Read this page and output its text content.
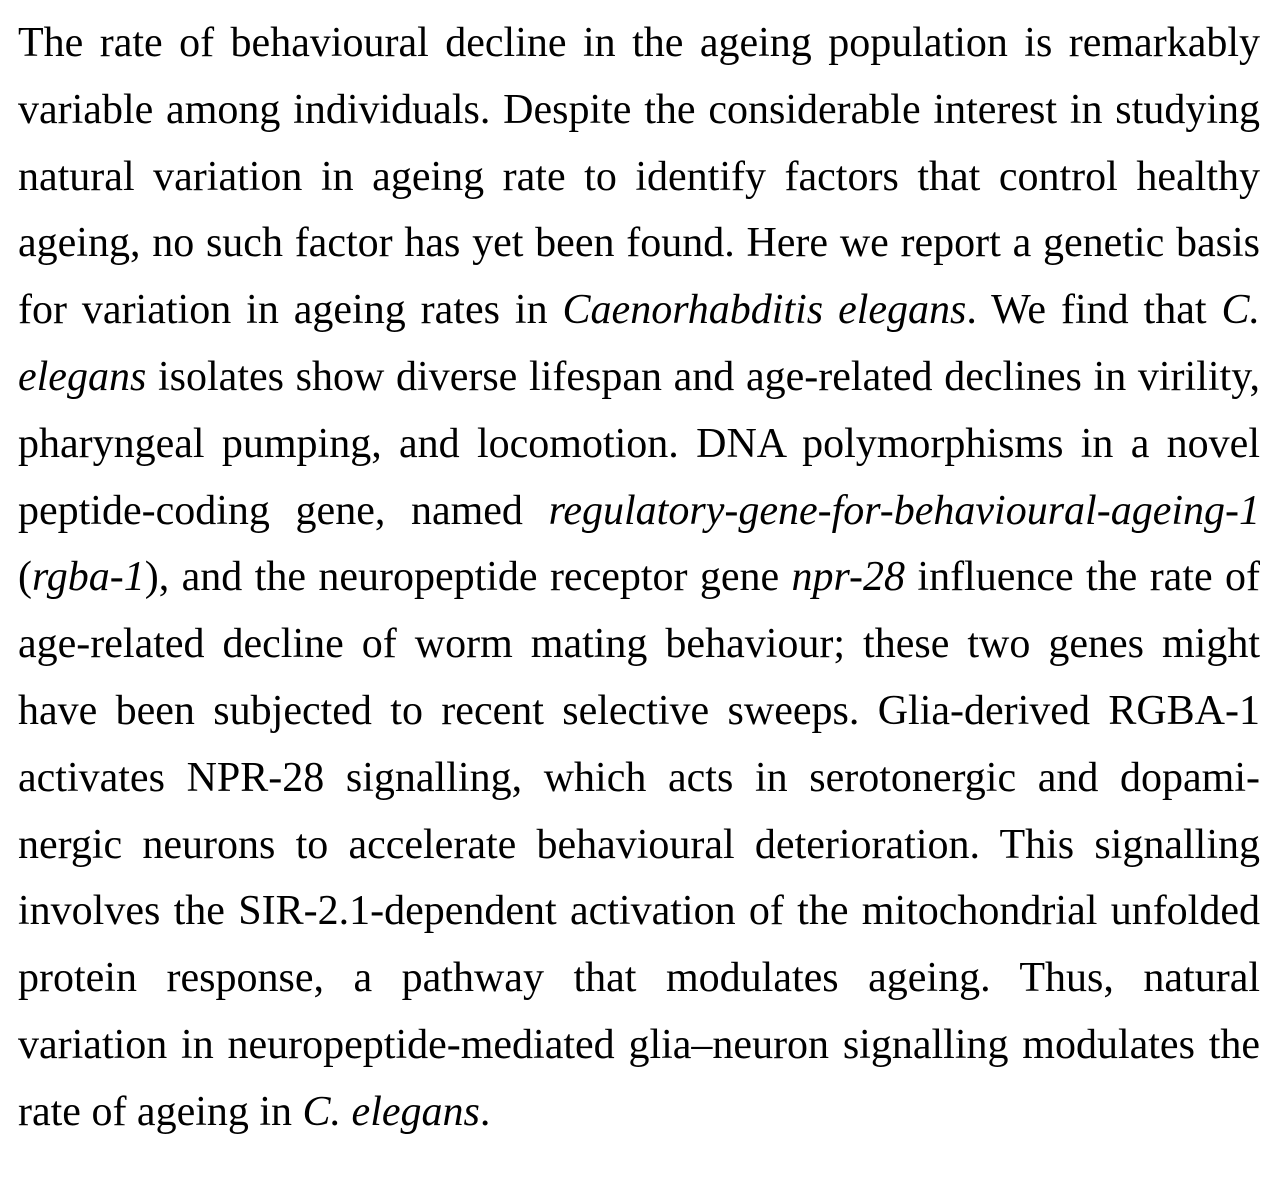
The rate of behavioural decline in the ageing population is remarkably
variable among individuals. Despite the considerable interest in studying
natural variation in ageing rate to identify factors that control healthy
ageing, no such factor has yet been found. Here we report a genetic basis
for variation in ageing rates in Caenorhabditis elegans. We find that C.
elegans isolates show diverse lifespan and age-related declines in virility,
pharyngeal pumping, and locomotion. DNA polymorphisms in a novel
peptide-coding gene, named regulatory-gene-for-behavioural-ageing-1
(rgba-1), and the neuropeptide receptor gene npr-28 influence the rate of
age-related decline of worm mating behaviour; these two genes might
have been subjected to recent selective sweeps. Glia-derived RGBA-1
activates NPR-28 signalling, which acts in serotonergic and dopami-
nergic neurons to accelerate behavioural deterioration. This signalling
involves the SIR-2.1-dependent activation of the mitochondrial unfolded
protein response, a pathway that modulates ageing. Thus, natural
variation in neuropeptide-mediated glia–neuron signalling modulates the
rate of ageing in C. elegans.
